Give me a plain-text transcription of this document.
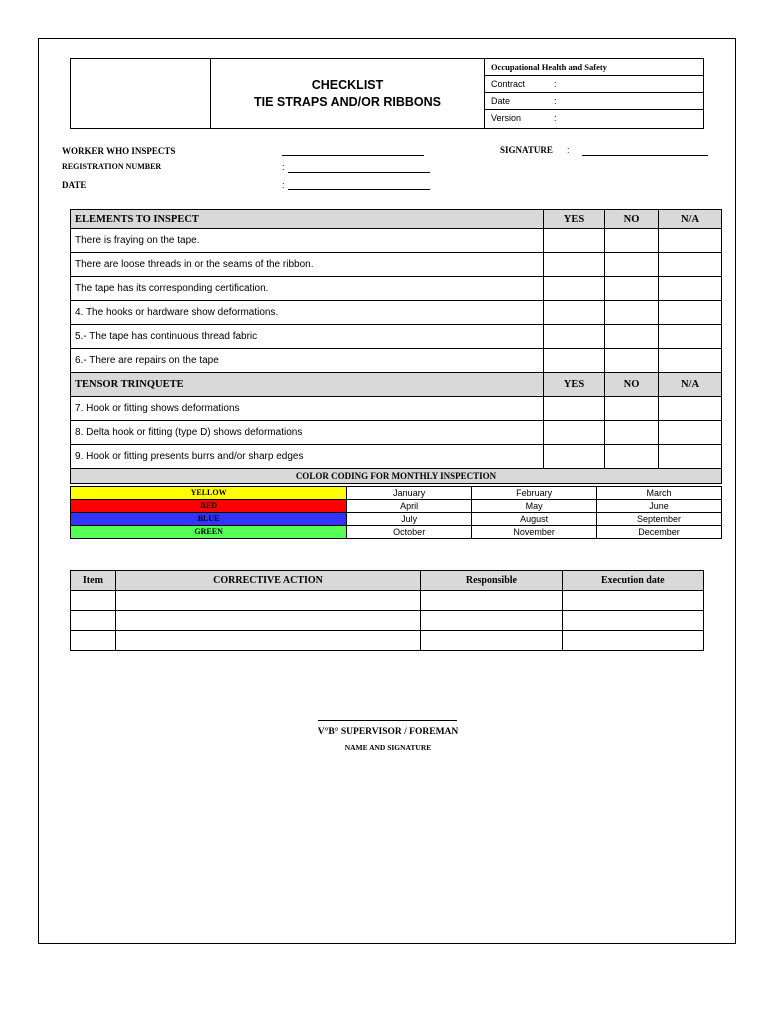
CHECKLIST
TIE STRAPS AND/OR RIBBONS
Occupational Health and Safety
Contract	:
Date	:
Version	:
WORKER WHO INSPECTS	SIGNATURE :
REGISTRATION NUMBER	:
DATE	:
ELEMENTS TO INSPECT	YES	NO	N/A
There is fraying on the tape.			
There are loose threads in or the seams of the ribbon.			
The tape has its corresponding certification.			
4. The hooks or hardware show deformations.			
5.- The tape has continuous thread fabric			
6.- There are repairs on the tape			
TENSOR TRINQUETE	YES	NO	N/A
7. Hook or fitting shows deformations			
8. Delta hook or fitting (type D) shows deformations			
9. Hook or fitting presents burrs and/or sharp edges			
COLOR CODING FOR MONTHLY INSPECTION			
YELLOW	January	February	March
RED	April	May	June
BLUE	July	August	September
GREEN	October	November	December
Item	CORRECTIVE ACTION	Responsible	Execution date

V°B° SUPERVISOR / FOREMAN
NAME AND SIGNATURE
